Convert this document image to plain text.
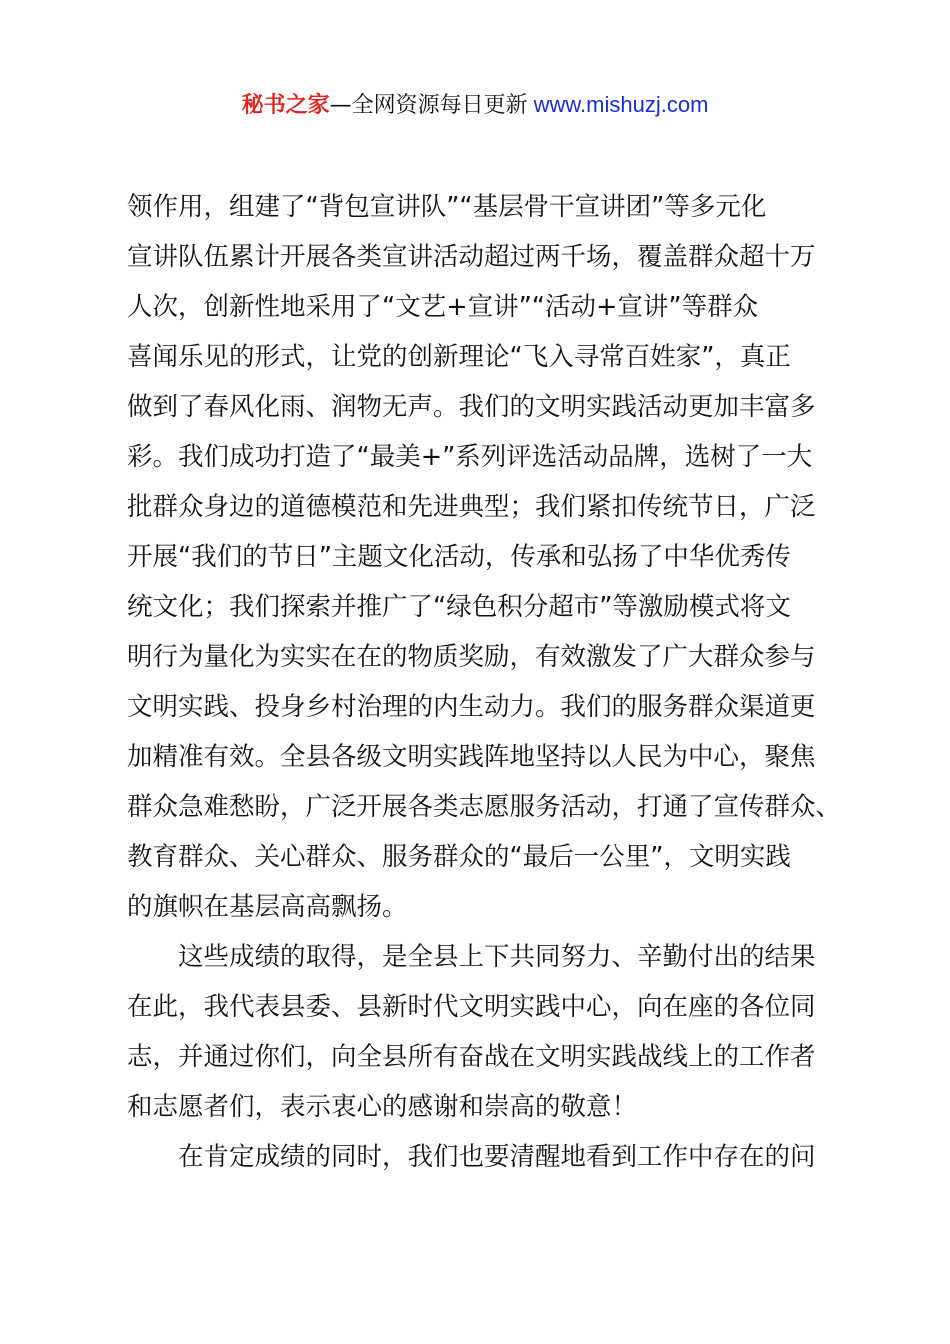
秘书之家—全网资源每日更新 www.mishuzj.com
领作用，组建了“背包宣讲队”“基层骨干宣讲团”等多元化
宣讲队伍累计开展各类宣讲活动超过两千场，覆盖群众超十万
人次，创新性地采用了“文艺+宣讲”“活动+宣讲”等群众
喜闻乐见的形式，让党的创新理论“飞入寻常百姓家”，真正
做到了春风化雨、润物无声。我们的文明实践活动更加丰富多
彩。我们成功打造了“最美+”系列评选活动品牌，选树了一大
批群众身边的道德模范和先进典型；我们紧扣传统节日，广泛
开展“我们的节日”主题文化活动，传承和弘扬了中华优秀传
统文化；我们探索并推广了“绿色积分超市”等激励模式将文
明行为量化为实实在在的物质奖励，有效激发了广大群众参与
文明实践、投身乡村治理的内生动力。我们的服务群众渠道更
加精准有效。全县各级文明实践阵地坚持以人民为中心，聚焦
群众急难愁盼，广泛开展各类志愿服务活动，打通了宣传群众、
教育群众、关心群众、服务群众的“最后一公里”，文明实践
的旗帜在基层高高飘扬。
这些成绩的取得，是全县上下共同努力、辛勤付出的结果
在此，我代表县委、县新时代文明实践中心，向在座的各位同
志，并通过你们，向全县所有奋战在文明实践战线上的工作者
和志愿者们，表示衷心的感谢和崇高的敬意！
在肯定成绩的同时，我们也要清醒地看到工作中存在的问
